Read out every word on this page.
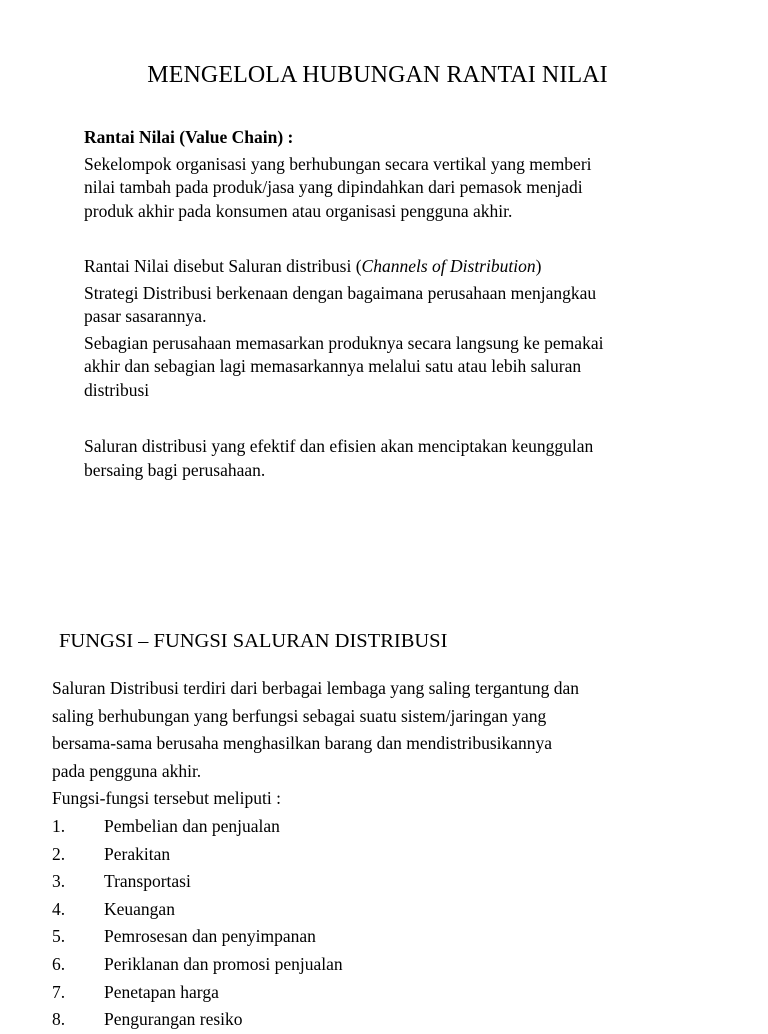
MENGELOLA HUBUNGAN RANTAI NILAI

Rantai Nilai (Value Chain) :

Sekelompok organisasi yang berhubungan secara vertikal yang memberi

nilai tambah pada produk/jasa yang dipindahkan dari pemasok menjadi

produk akhir pada konsumen atau organisasi pengguna akhir.

Rantai Nilai disebut Saluran distribusi (Channels of Distribution)

Strategi Distribusi berkenaan dengan bagaimana perusahaan menjangkau

pasar sasarannya.

Sebagian perusahaan memasarkan produknya secara langsung ke pemakai

akhir dan sebagian lagi memasarkannya melalui satu atau lebih saluran

distribusi

Saluran distribusi yang efektif dan efisien akan menciptakan keunggulan

bersaing bagi perusahaan.

FUNGSI – FUNGSI SALURAN DISTRIBUSI

Saluran Distribusi terdiri dari berbagai lembaga yang saling tergantung dan

saling berhubungan yang berfungsi sebagai suatu sistem/jaringan yang

bersama-sama berusaha menghasilkan barang dan mendistribusikannya

pada pengguna akhir.

Fungsi-fungsi tersebut meliputi :

1.	Pembelian dan penjualan
2.	Perakitan
3.	Transportasi
4.	Keuangan
5.	Pemrosesan dan penyimpanan
6.	Periklanan dan promosi penjualan
7.	Penetapan harga
8.	Pengurangan resiko
